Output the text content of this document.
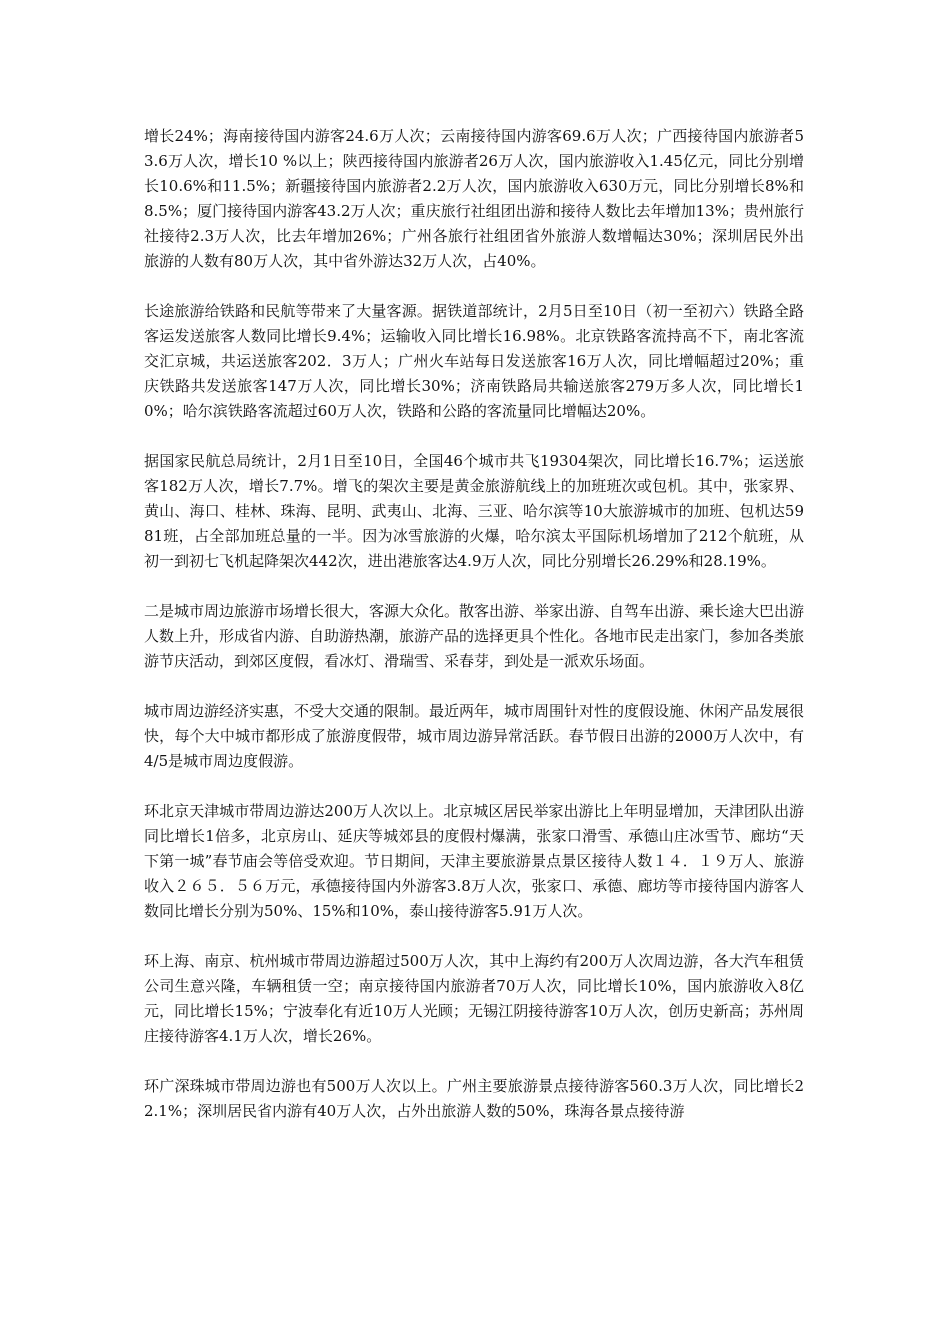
增长24%；海南接待国内游客24.6万人次；云南接待国内游客69.6万人次；广西接待国内旅游者53.6万人次，增长10 %以上；陕西接待国内旅游者26万人次，国内旅游收入1.45亿元，同比分别增长10.6%和11.5%；新疆接待国内旅游者2.2万人次，国内旅游收入630万元，同比分别增长8%和8.5%；厦门接待国内游客43.2万人次；重庆旅行社组团出游和接待人数比去年增加13%；贵州旅行社接待2.3万人次，比去年增加26%；广州各旅行社组团省外旅游人数增幅达30%；深圳居民外出旅游的人数有80万人次，其中省外游达32万人次，占40%。

长途旅游给铁路和民航等带来了大量客源。据铁道部统计，2月5日至10日（初一至初六）铁路全路客运发送旅客人数同比增长9.4%；运输收入同比增长16.98%。北京铁路客流持高不下，南北客流交汇京城，共运送旅客202．3万人；广州火车站每日发送旅客16万人次，同比增幅超过20%；重庆铁路共发送旅客147万人次，同比增长30%；济南铁路局共输送旅客279万多人次，同比增长10%；哈尔滨铁路客流超过60万人次，铁路和公路的客流量同比增幅达20%。

据国家民航总局统计，2月1日至10日，全国46个城市共飞19304架次，同比增长16.7%；运送旅客182万人次，增长7.7%。增飞的架次主要是黄金旅游航线上的加班班次或包机。其中，张家界、黄山、海口、桂林、珠海、昆明、武夷山、北海、三亚、哈尔滨等10大旅游城市的加班、包机达5981班，占全部加班总量的一半。因为冰雪旅游的火爆，哈尔滨太平国际机场增加了212个航班，从初一到初七飞机起降架次442次，进出港旅客达4.9万人次，同比分别增长26.29%和28.19%。

二是城市周边旅游市场增长很大，客源大众化。散客出游、举家出游、自驾车出游、乘长途大巴出游人数上升，形成省内游、自助游热潮，旅游产品的选择更具个性化。各地市民走出家门，参加各类旅游节庆活动，到郊区度假，看冰灯、滑瑞雪、采春芽，到处是一派欢乐场面。

城市周边游经济实惠，不受大交通的限制。最近两年，城市周围针对性的度假设施、休闲产品发展很快，每个大中城市都形成了旅游度假带，城市周边游异常活跃。春节假日出游的2000万人次中，有4/5是城市周边度假游。

环北京天津城市带周边游达200万人次以上。北京城区居民举家出游比上年明显增加，天津团队出游同比增长1倍多，北京房山、延庆等城郊县的度假村爆满，张家口滑雪、承德山庄冰雪节、廊坊“天下第一城”春节庙会等倍受欢迎。节日期间，天津主要旅游景点景区接待人数１４．１９万人、旅游收入２６５．５６万元，承德接待国内外游客3.8万人次，张家口、承德、廊坊等市接待国内游客人数同比增长分别为50%、15%和10%，泰山接待游客5.91万人次。

环上海、南京、杭州城市带周边游超过500万人次，其中上海约有200万人次周边游，各大汽车租赁公司生意兴隆，车辆租赁一空；南京接待国内旅游者70万人次，同比增长10%，国内旅游收入8亿元，同比增长15%；宁波奉化有近10万人光顾；无锡江阴接待游客10万人次，创历史新高；苏州周庄接待游客4.1万人次，增长26%。

环广深珠城市带周边游也有500万人次以上。广州主要旅游景点接待游客560.3万人次，同比增长22.1%；深圳居民省内游有40万人次，占外出旅游人数的50%，珠海各景点接待游
